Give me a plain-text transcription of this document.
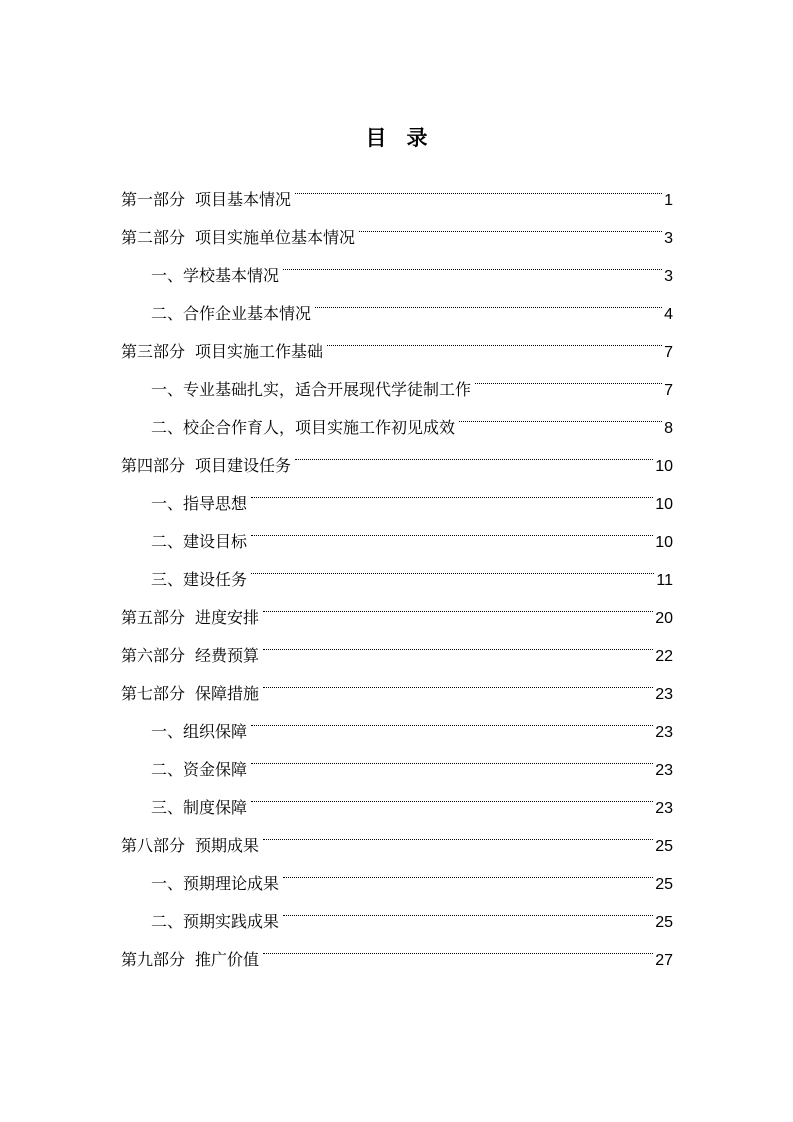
目 录
第一部分 项目基本情况	1
第二部分 项目实施单位基本情况	3
一、学校基本情况	3
二、合作企业基本情况	4
第三部分 项目实施工作基础	7
一、专业基础扎实，适合开展现代学徒制工作	7
二、校企合作育人，项目实施工作初见成效	8
第四部分 项目建设任务	10
一、指导思想	10
二、建设目标	10
三、建设任务	11
第五部分 进度安排	20
第六部分 经费预算	22
第七部分 保障措施	23
一、组织保障	23
二、资金保障	23
三、制度保障	23
第八部分 预期成果	25
一、预期理论成果	25
二、预期实践成果	25
第九部分 推广价值	27
